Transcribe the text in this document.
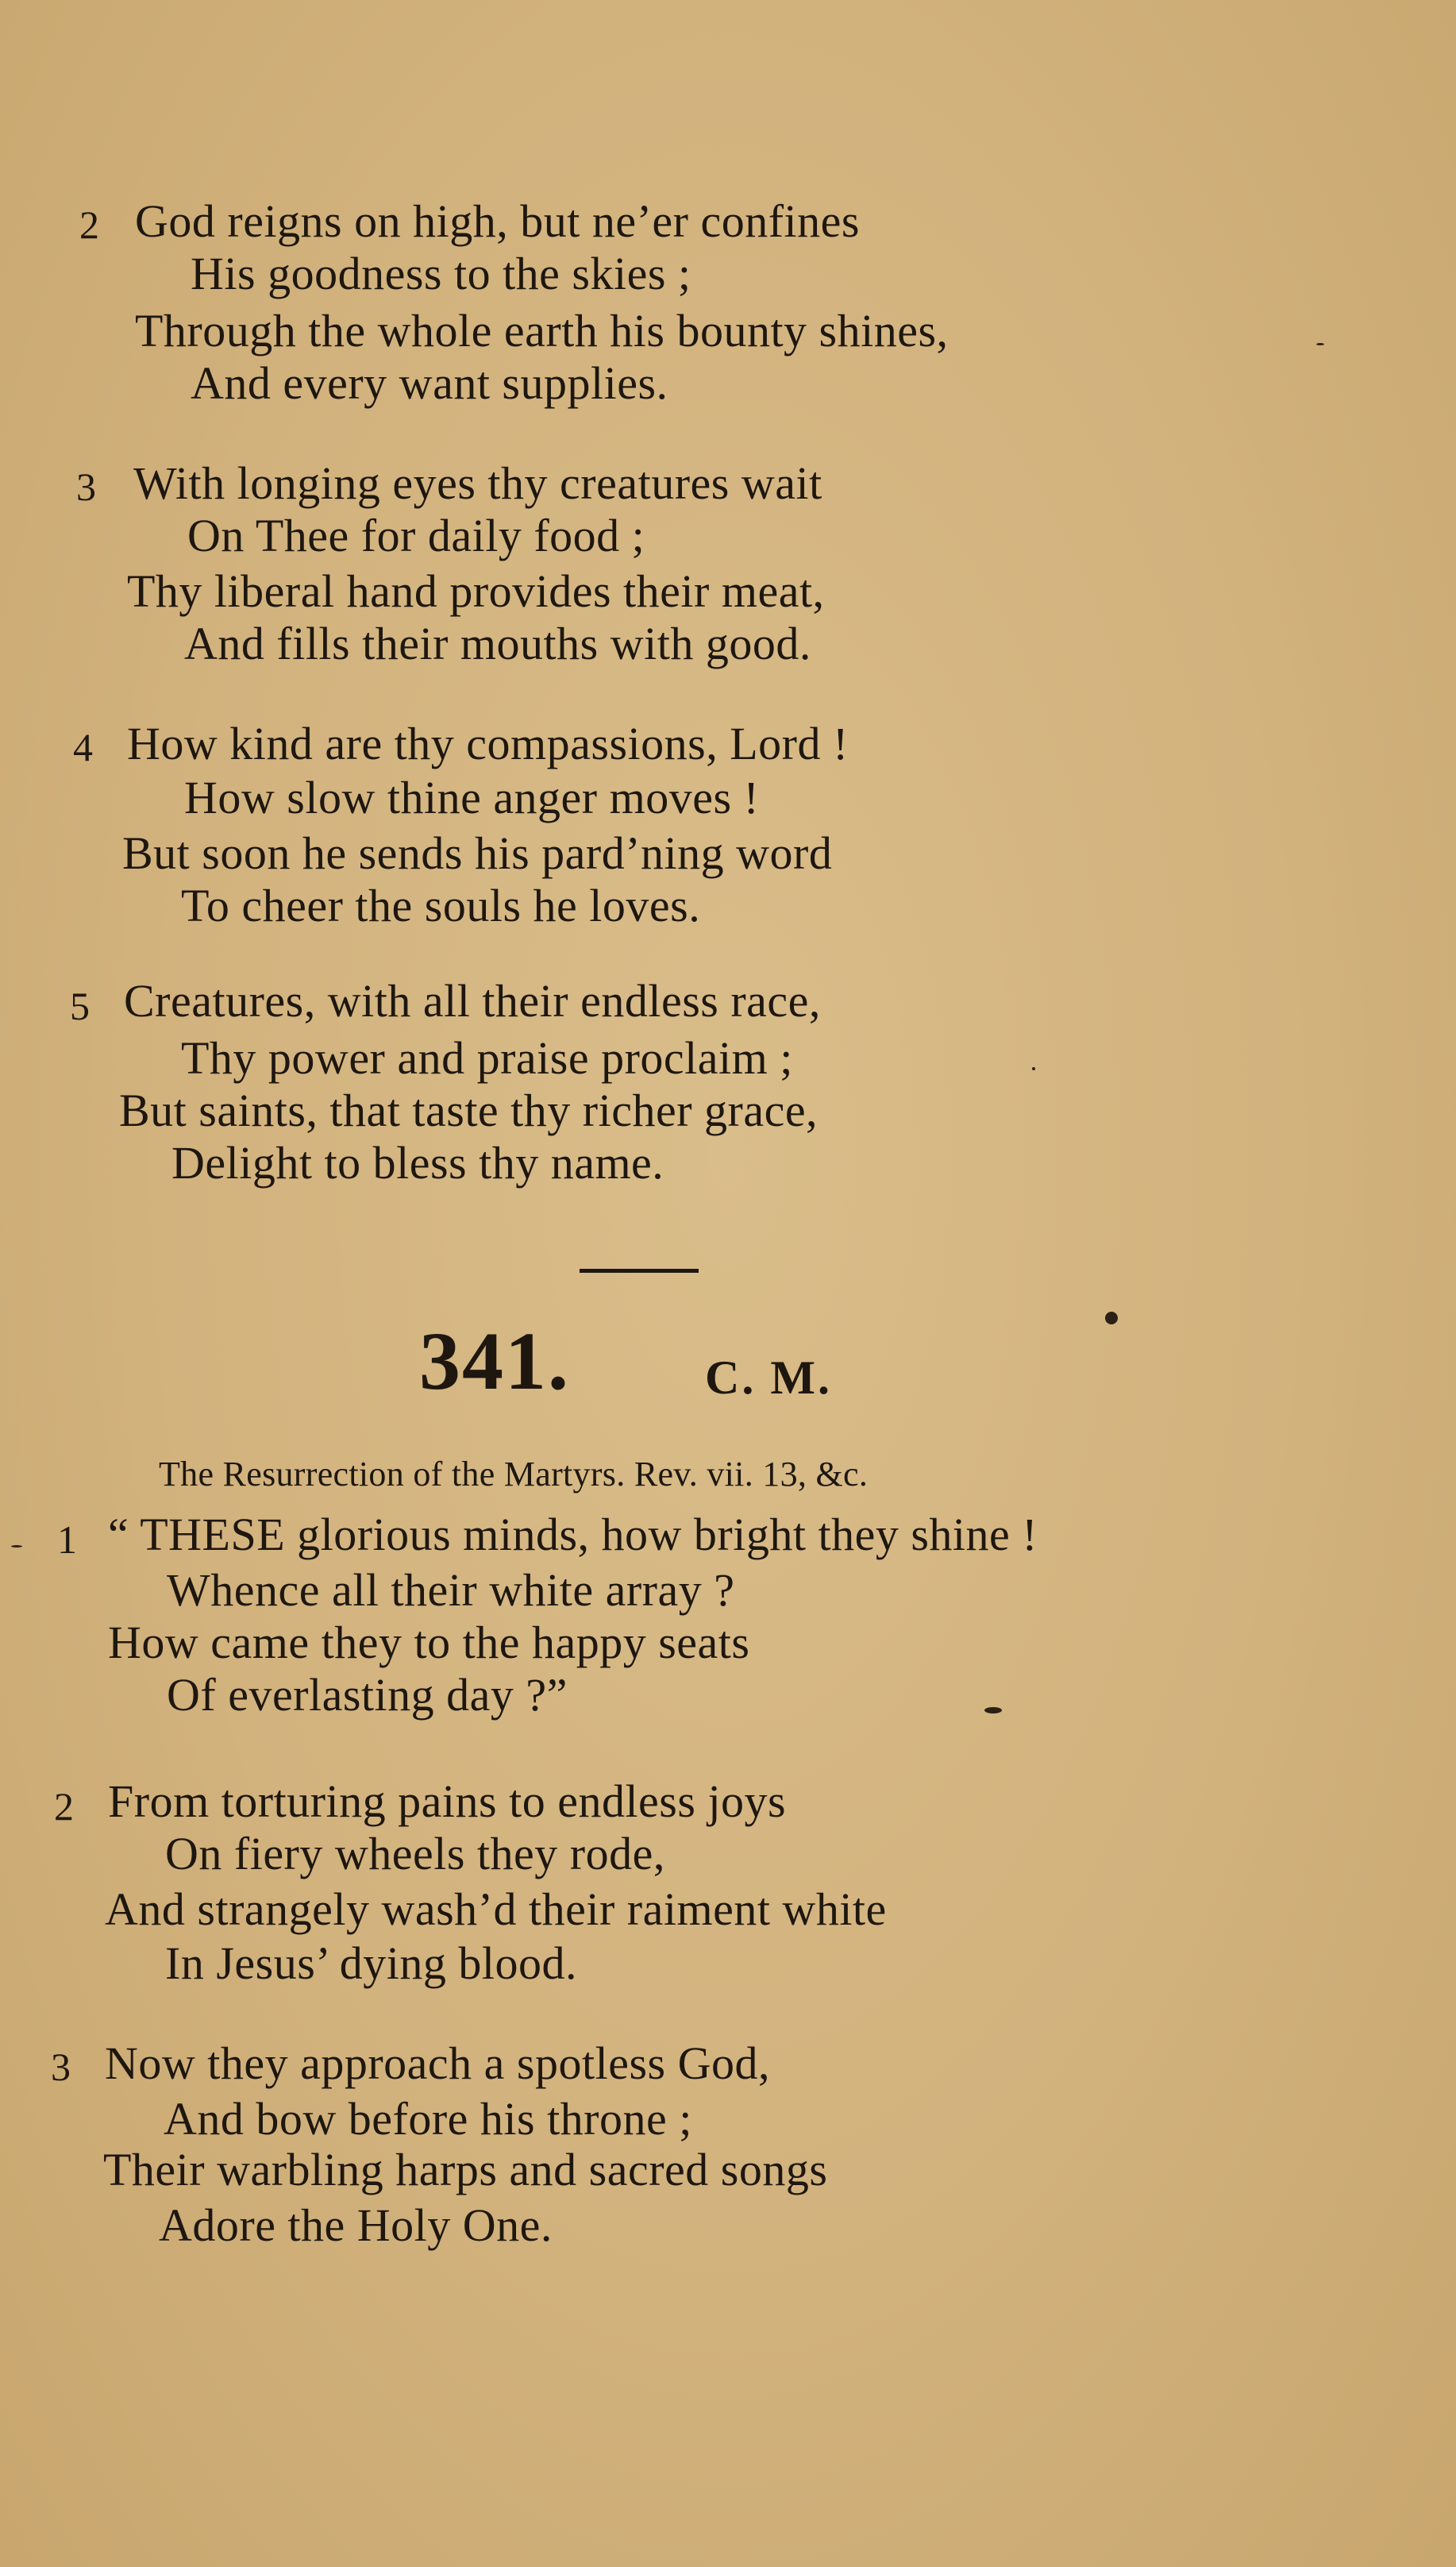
2 God reigns on high, but ne’er confines
His goodness to the skies ;
Through the whole earth his bounty shines,
And every want supplies.
3 With longing eyes thy creatures wait
On Thee for daily food ;
Thy liberal hand provides their meat,
And fills their mouths with good.
4 How kind are thy compassions, Lord !
How slow thine anger moves !
But soon he sends his pard’ning word
To cheer the souls he loves.
5 Creatures, with all their endless race,
Thy power and praise proclaim ;
But saints, that taste thy richer grace,
Delight to bless thy name.
341.	C. M.
The Resurrection of the Martyrs. Rev. vii. 13, &c.
1 “ THESE glorious minds, how bright they shine !
Whence all their white array ?
How came they to the happy seats
Of everlasting day ?”
2 From torturing pains to endless joys
On fiery wheels they rode,
And strangely wash’d their raiment white
In Jesus’ dying blood.
3 Now they approach a spotless God,
And bow before his throne ;
Their warbling harps and sacred songs
Adore the Holy One.
